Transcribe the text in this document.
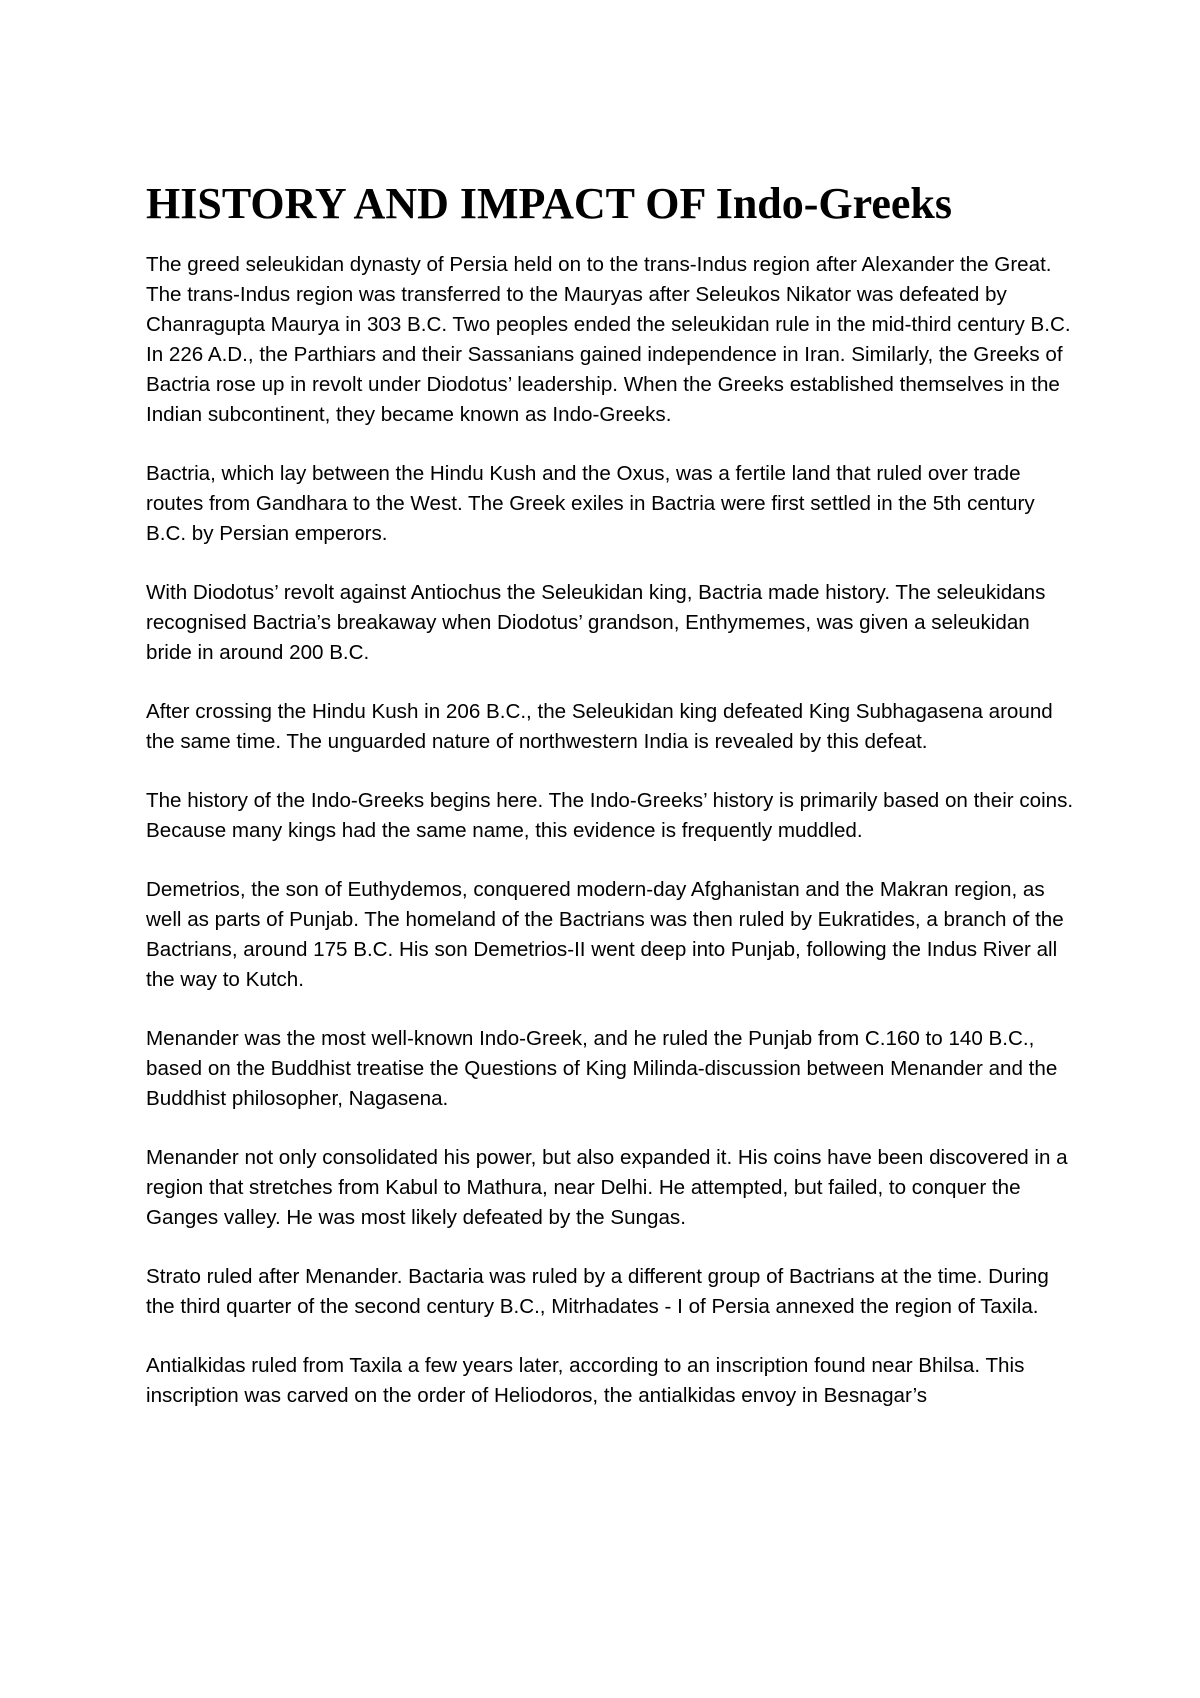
HISTORY AND IMPACT OF Indo-Greeks

The greed seleukidan dynasty of Persia held on to the trans-Indus region after Alexander the Great. The trans-Indus region was transferred to the Mauryas after Seleukos Nikator was defeated by Chanragupta Maurya in 303 B.C. Two peoples ended the seleukidan rule in the mid-third century B.C. In 226 A.D., the Parthiars and their Sassanians gained independence in Iran. Similarly, the Greeks of Bactria rose up in revolt under Diodotus’ leadership. When the Greeks established themselves in the Indian subcontinent, they became known as Indo-Greeks.

Bactria, which lay between the Hindu Kush and the Oxus, was a fertile land that ruled over trade routes from Gandhara to the West. The Greek exiles in Bactria were first settled in the 5th century B.C. by Persian emperors.

With Diodotus’ revolt against Antiochus the Seleukidan king, Bactria made history. The seleukidans recognised Bactria’s breakaway when Diodotus’ grandson, Enthymemes, was given a seleukidan bride in around 200 B.C.

After crossing the Hindu Kush in 206 B.C., the Seleukidan king defeated King Subhagasena around the same time. The unguarded nature of northwestern India is revealed by this defeat.

The history of the Indo-Greeks begins here. The Indo-Greeks’ history is primarily based on their coins. Because many kings had the same name, this evidence is frequently muddled.

Demetrios, the son of Euthydemos, conquered modern-day Afghanistan and the Makran region, as well as parts of Punjab. The homeland of the Bactrians was then ruled by Eukratides, a branch of the Bactrians, around 175 B.C. His son Demetrios-II went deep into Punjab, following the Indus River all the way to Kutch.

Menander was the most well-known Indo-Greek, and he ruled the Punjab from C.160 to 140 B.C., based on the Buddhist treatise the Questions of King Milinda-discussion between Menander and the Buddhist philosopher, Nagasena.

Menander not only consolidated his power, but also expanded it. His coins have been discovered in a region that stretches from Kabul to Mathura, near Delhi. He attempted, but failed, to conquer the Ganges valley. He was most likely defeated by the Sungas.

Strato ruled after Menander. Bactaria was ruled by a different group of Bactrians at the time. During the third quarter of the second century B.C., Mitrhadates - I of Persia annexed the region of Taxila.

Antialkidas ruled from Taxila a few years later, according to an inscription found near Bhilsa. This inscription was carved on the order of Heliodoros, the antialkidas envoy in Besnagar’s
